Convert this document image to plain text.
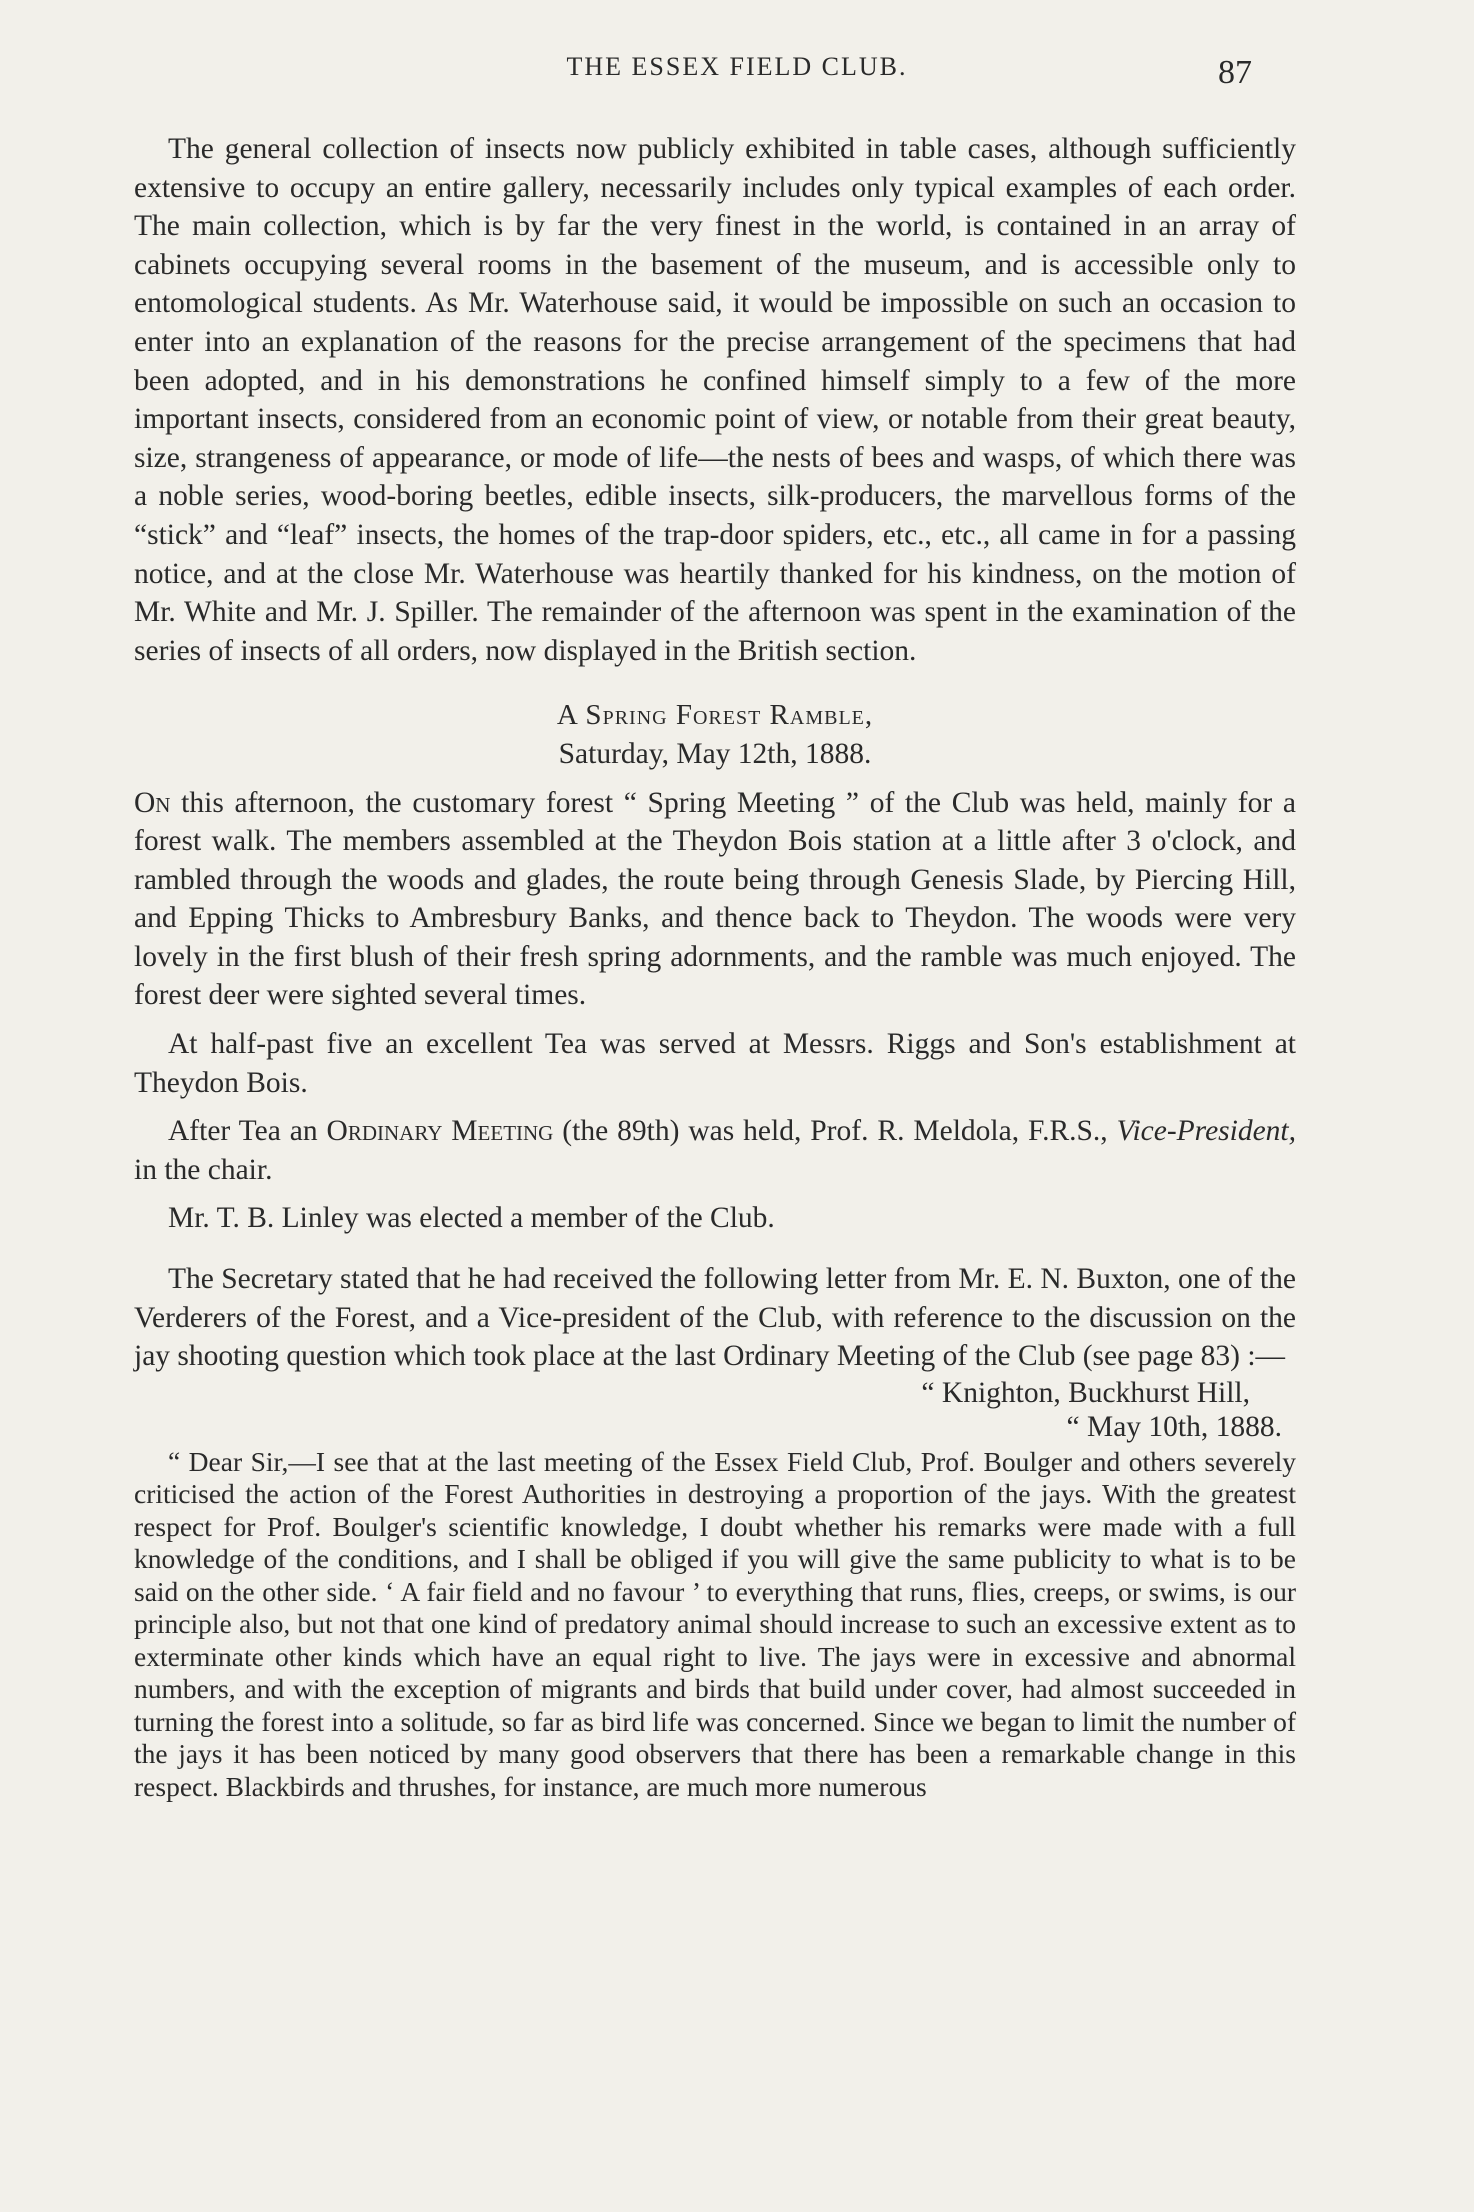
THE ESSEX FIELD CLUB.	87

The general collection of insects now publicly exhibited in table cases, although sufficiently extensive to occupy an entire gallery, necessarily includes only typical examples of each order. The main collection, which is by far the very finest in the world, is contained in an array of cabinets occupying several rooms in the basement of the museum, and is accessible only to entomological students. As Mr. Waterhouse said, it would be impossible on such an occasion to enter into an explanation of the reasons for the precise arrangement of the specimens that had been adopted, and in his demonstrations he confined himself simply to a few of the more important insects, considered from an economic point of view, or notable from their great beauty, size, strangeness of appearance, or mode of life—the nests of bees and wasps, of which there was a noble series, wood-boring beetles, edible insects, silk-producers, the marvellous forms of the “stick” and “leaf” insects, the homes of the trap-door spiders, etc., etc., all came in for a passing notice, and at the close Mr. Waterhouse was heartily thanked for his kindness, on the motion of Mr. White and Mr. J. Spiller. The remainder of the afternoon was spent in the examination of the series of insects of all orders, now displayed in the British section.

A Spring Forest Ramble,

Saturday, May 12th, 1888.

On this afternoon, the customary forest “ Spring Meeting ” of the Club was held, mainly for a forest walk. The members assembled at the Theydon Bois station at a little after 3 o'clock, and rambled through the woods and glades, the route being through Genesis Slade, by Piercing Hill, and Epping Thicks to Ambresbury Banks, and thence back to Theydon. The woods were very lovely in the first blush of their fresh spring adornments, and the ramble was much enjoyed. The forest deer were sighted several times.

At half-past five an excellent Tea was served at Messrs. Riggs and Son's establishment at Theydon Bois.

After Tea an Ordinary Meeting (the 89th) was held, Prof. R. Meldola, F.R.S., Vice-President, in the chair.

Mr. T. B. Linley was elected a member of the Club.

The Secretary stated that he had received the following letter from Mr. E. N. Buxton, one of the Verderers of the Forest, and a Vice-president of the Club, with reference to the discussion on the jay shooting question which took place at the last Ordinary Meeting of the Club (see page 83) :—

“ Knighton, Buckhurst Hill,
“ May 10th, 1888.

“ Dear Sir,—I see that at the last meeting of the Essex Field Club, Prof. Boulger and others severely criticised the action of the Forest Authorities in destroying a proportion of the jays. With the greatest respect for Prof. Boulger's scientific knowledge, I doubt whether his remarks were made with a full knowledge of the conditions, and I shall be obliged if you will give the same publicity to what is to be said on the other side. ‘ A fair field and no favour ’ to everything that runs, flies, creeps, or swims, is our principle also, but not that one kind of predatory animal should increase to such an excessive extent as to exterminate other kinds which have an equal right to live. The jays were in excessive and abnormal numbers, and with the exception of migrants and birds that build under cover, had almost succeeded in turning the forest into a solitude, so far as bird life was concerned. Since we began to limit the number of the jays it has been noticed by many good observers that there has been a remarkable change in this respect. Blackbirds and thrushes, for instance, are much more numerous
